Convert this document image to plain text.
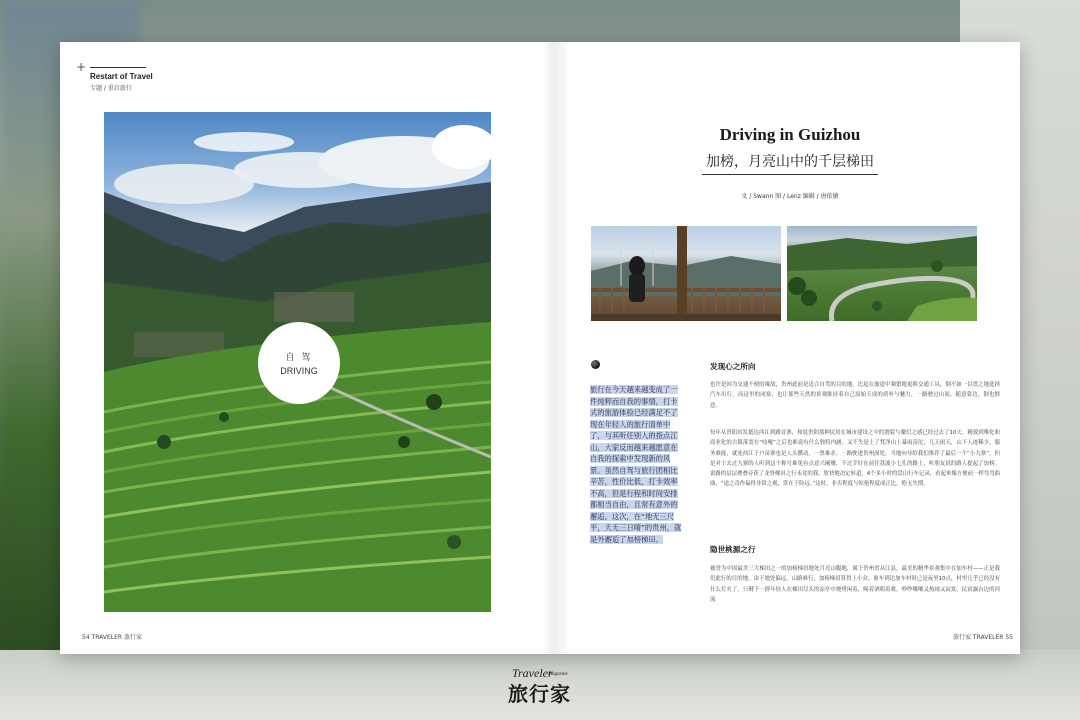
+
Restart of Travel
专题 / 重启旅行
自 驾
DRIVING
54 TRAVELER 旅行家
Driving in Guizhou
加榜，月亮山中的千层梯田
文 / Swann 图 / Lenz 编辑 / 唐依敏
旅行在今天越来越变成了一件纯粹而自我的事情，打卡式的旅游体验已经满足不了现在年轻人的旅行清单中了，与其听任别人的指点江山，大家反而越来越愿意在自我的探索中发现新的风景。虽然自驾与旅行团相比辛苦，性价比低，打卡效率不高，但是行程和时间安排都相当自由，且常有意外的邂逅。这次，在“地无三尺平，天无三日晴”的贵州，就是外邂逅了加榜梯田。
发现心之所向
也许是因为交通不便的缘故，贵州此前是适合自驾的目的地，比起在旅途中频繁地更换交通工具，倒不如一以贯之地选择汽车出行。而这里的闭塞，也让那些天然的景观维持着自己原始天成的质朴与魅力，一路驶过山间，随意靠边，倒也惬意。
每年从贵阳出发抵达西江到路首寨，和说贵阳那种民居在城市建设之中的割裂与魔幻之感已经过去了10天。精致到唯化和商业化的古镇落寞在“吱嘎”之后也难说有什么独特内涵，又不失是上了梵净山上暴雨滂沱，几天雨天，山下人迹稀少，服务难能，就连西江千户苗寨也是人头攒动，一票难求。一路驶进贵州深处，当地向导给我们推荐了最后一个“小九寨”，但是对于去过九寨的人听到这个称号难免有点意兴阑珊，不过幸好在前往荔波小七孔的路上，听朋友说的路人提起了加榜。说路的层层叠叠旁获了龙脊梯田之行未竟的我，欣快地决定转道，4个多小时的盘山行车记录，看起来像方便前一样弯弯曲曲，“途之奇作福得非常之观，常在于险远。”这时，非否程度与惊艳程度成正比，绝无失期。
隐世桃源之行
被誉为中国最美三大梯田之一的加榜梯田地处月亮山腹地，属于贵州省从江县，最美的精华景观集中在加车村——正是我们此行的目的地。由于地处偏远，山路难行，加榜梯田算得上小众。驱车到达加车村时已是夜里10点，村里几乎已经没有什么灯火了。只剩下一群年轻人在梯田尽头的凉亭中烧烤闲着，喝着酒唱着歌，吵吵嚷嚷又热闹又寂寞，民宿露台边的河流
旅行家 TRAVELER 55
Traveler
Magazine
旅行家
